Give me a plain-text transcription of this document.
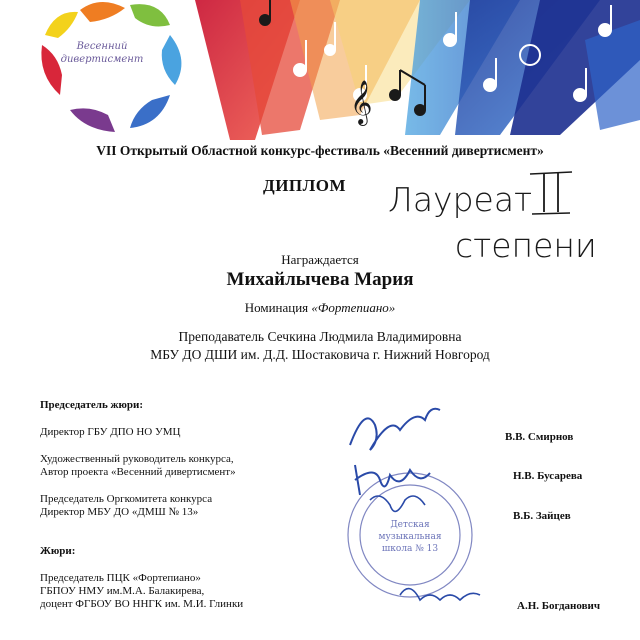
𝄞
Весенний
дивертисмент
VII Открытый Областной конкурс-фестиваль «Весенний дивертисмент»
ДИПЛОМ Лауреат
степени
Награждается
Михайлычева Мария
Номинация «Фортепиано»
Преподаватель Сечкина Людмила Владимировна
МБУ ДО ДШИ им. Д.Д. Шостаковича г. Нижний Новгород
Председатель жюри:
Директор ГБУ ДПО НО УМЦ
Художественный руководитель конкурса,
Автор проекта «Весенний дивертисмент»
Председатель Оргкомитета конкурса
Директор МБУ ДО «ДМШ № 13»
Жюри:
Председатель ПЦК «Фортепиано»
ГБПОУ НМУ им.М.А. Балакирева,
доцент ФГБОУ ВО ННГК им. М.И. Глинки
Детская
музыкальная
школа № 13
В.В. Смирнов
Н.В. Бусарева
В.Б. Зайцев
А.Н. Богданович
